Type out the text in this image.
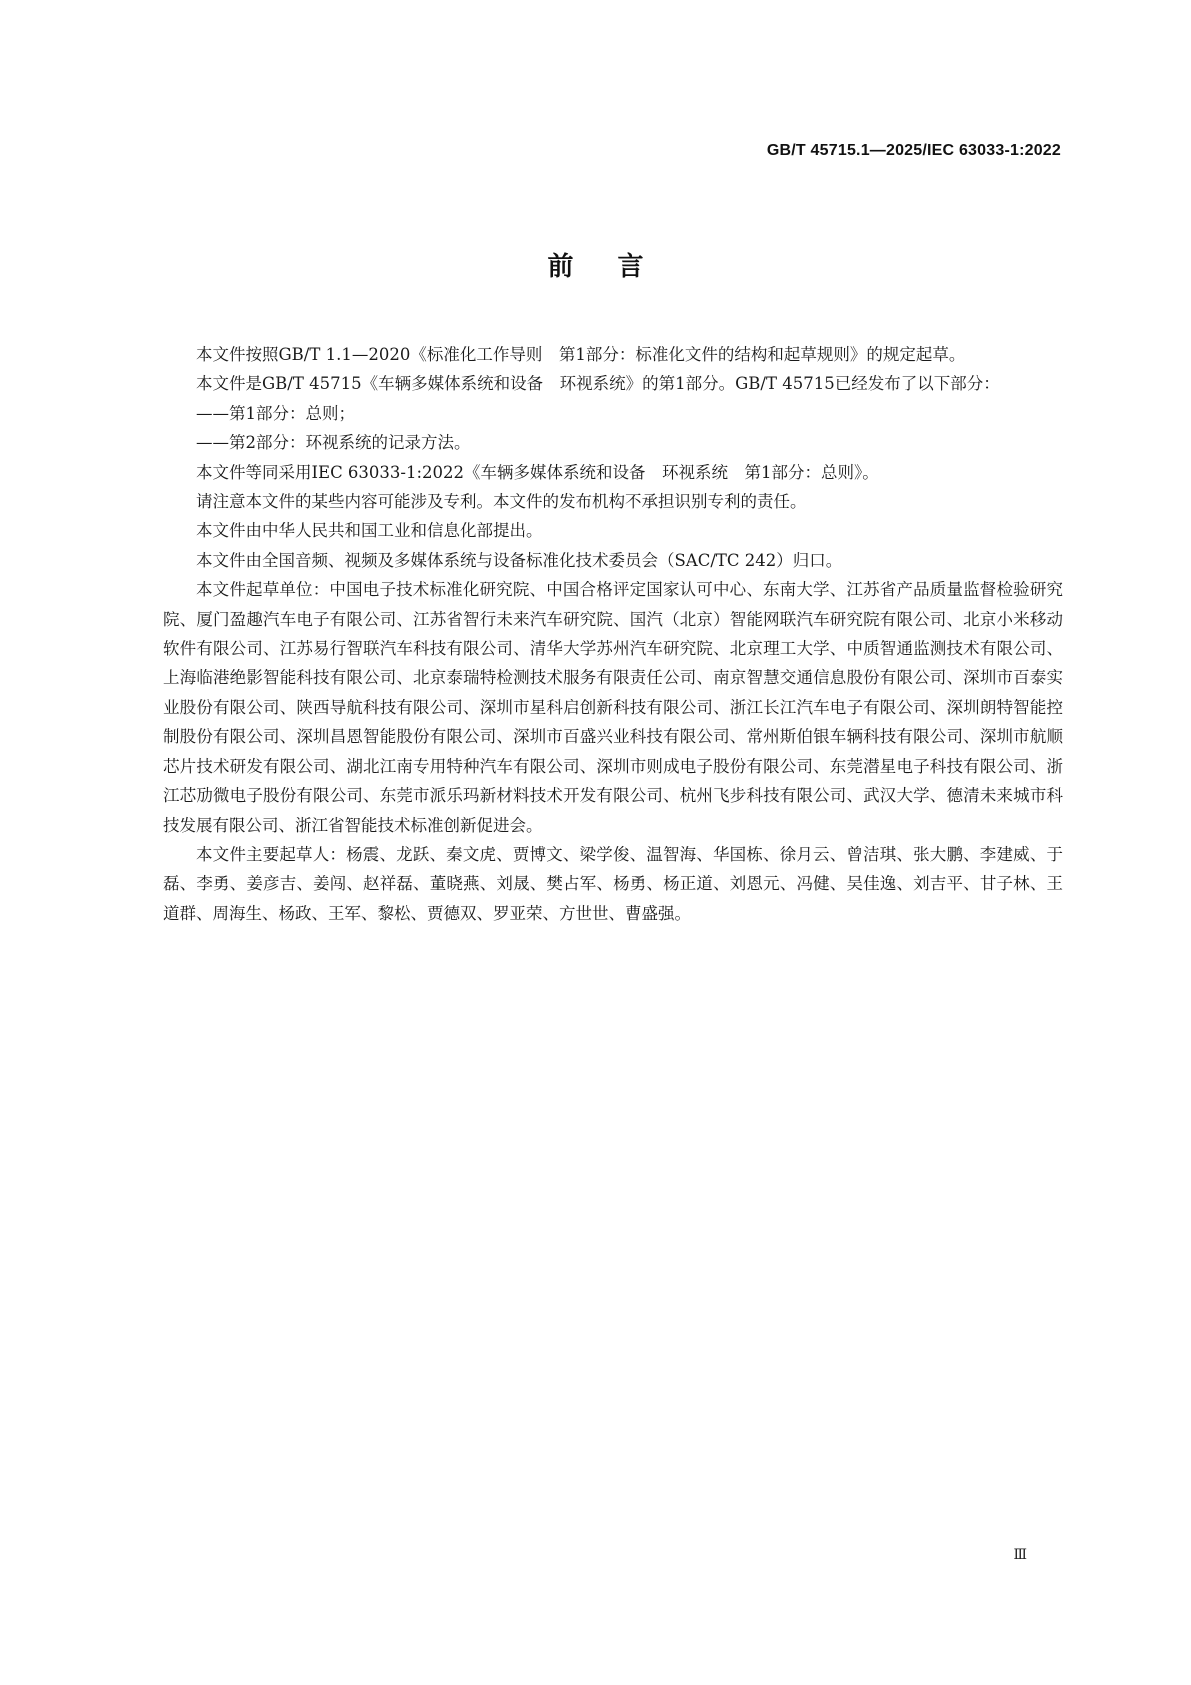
GB/T 45715.1—2025/IEC 63033-1:2022
前言

本文件按照GB/T 1.1—2020《标准化工作导则　第1部分：标准化文件的结构和起草规则》的规定起草。

本文件是GB/T 45715《车辆多媒体系统和设备　环视系统》的第1部分。GB/T 45715已经发布了以下部分：

——第1部分：总则；

——第2部分：环视系统的记录方法。

本文件等同采用IEC 63033-1:2022《车辆多媒体系统和设备　环视系统　第1部分：总则》。

请注意本文件的某些内容可能涉及专利。本文件的发布机构不承担识别专利的责任。

本文件由中华人民共和国工业和信息化部提出。

本文件由全国音频、视频及多媒体系统与设备标准化技术委员会（SAC/TC 242）归口。

本文件起草单位：中国电子技术标准化研究院、中国合格评定国家认可中心、东南大学、江苏省产品质量监督检验研究院、厦门盈趣汽车电子有限公司、江苏省智行未来汽车研究院、国汽（北京）智能网联汽车研究院有限公司、北京小米移动软件有限公司、江苏易行智联汽车科技有限公司、清华大学苏州汽车研究院、北京理工大学、中质智通监测技术有限公司、上海临港绝影智能科技有限公司、北京泰瑞特检测技术服务有限责任公司、南京智慧交通信息股份有限公司、深圳市百泰实业股份有限公司、陕西导航科技有限公司、深圳市星科启创新科技有限公司、浙江长江汽车电子有限公司、深圳朗特智能控制股份有限公司、深圳昌恩智能股份有限公司、深圳市百盛兴业科技有限公司、常州斯伯银车辆科技有限公司、深圳市航顺芯片技术研发有限公司、湖北江南专用特种汽车有限公司、深圳市则成电子股份有限公司、东莞潜星电子科技有限公司、浙江芯劢微电子股份有限公司、东莞市派乐玛新材料技术开发有限公司、杭州飞步科技有限公司、武汉大学、德清未来城市科技发展有限公司、浙江省智能技术标准创新促进会。

本文件主要起草人：杨震、龙跃、秦文虎、贾博文、梁学俊、温智海、华国栋、徐月云、曾洁琪、张大鹏、李建威、于磊、李勇、姜彦吉、姜闯、赵祥磊、董晓燕、刘晟、樊占军、杨勇、杨正道、刘恩元、冯健、吴佳逸、刘吉平、甘子林、王道群、周海生、杨政、王军、黎松、贾德双、罗亚荣、方世世、曹盛强。

Ⅲ
